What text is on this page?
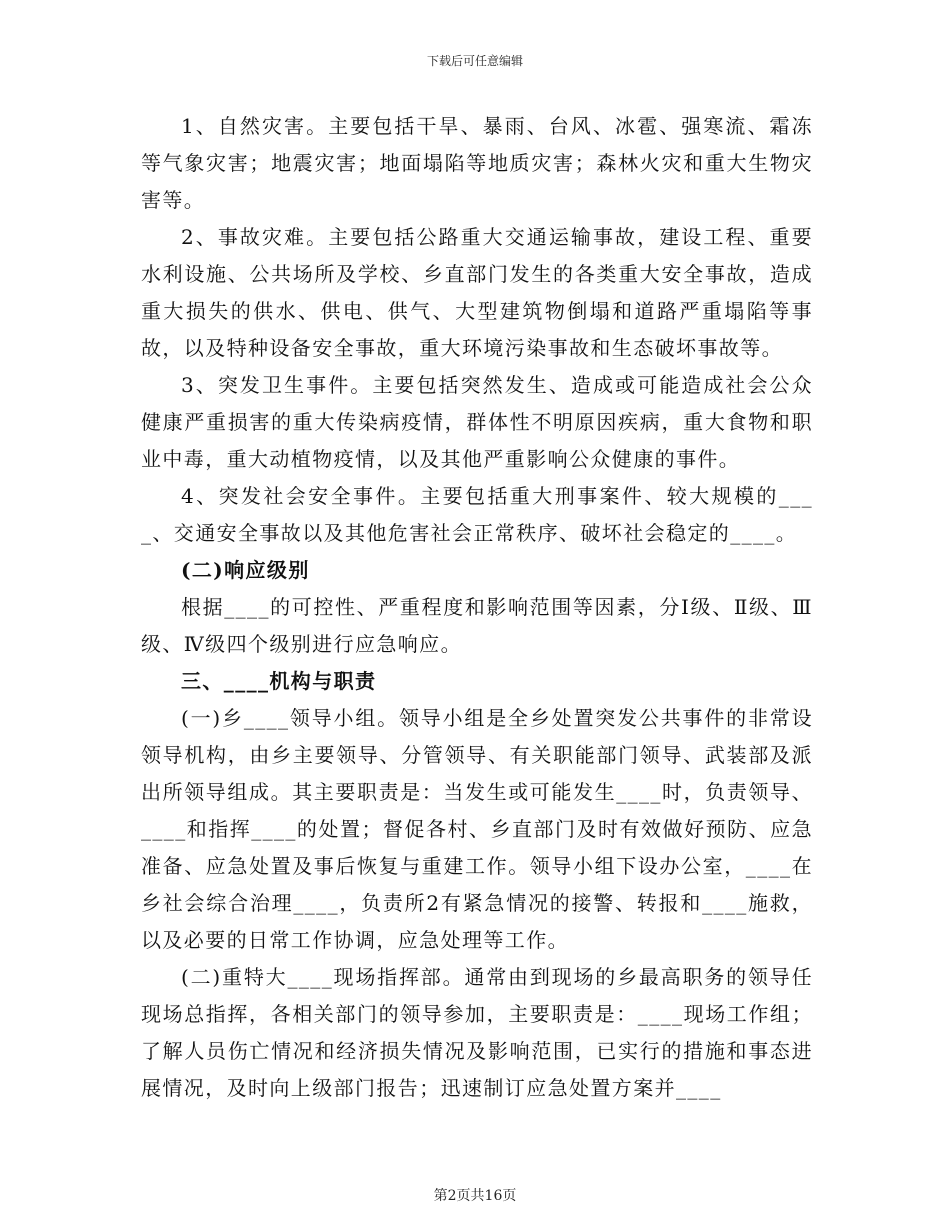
下载后可任意编辑

1、自然灾害。主要包括干旱、暴雨、台风、冰雹、强寒流、霜冻等气象灾害；地震灾害；地面塌陷等地质灾害；森林火灾和重大生物灾害等。

2、事故灾难。主要包括公路重大交通运输事故，建设工程、重要水利设施、公共场所及学校、乡直部门发生的各类重大安全事故，造成重大损失的供水、供电、供气、大型建筑物倒塌和道路严重塌陷等事故，以及特种设备安全事故，重大环境污染事故和生态破坏事故等。

3、突发卫生事件。主要包括突然发生、造成或可能造成社会公众健康严重损害的重大传染病疫情，群体性不明原因疾病，重大食物和职业中毒，重大动植物疫情，以及其他严重影响公众健康的事件。

4、突发社会安全事件。主要包括重大刑事案件、较大规模的____、交通安全事故以及其他危害社会正常秩序、破坏社会稳定的____。

(二)响应级别

根据____的可控性、严重程度和影响范围等因素，分Ⅰ级、Ⅱ级、Ⅲ级、Ⅳ级四个级别进行应急响应。

三、____机构与职责

(一)乡____领导小组。领导小组是全乡处置突发公共事件的非常设领导机构，由乡主要领导、分管领导、有关职能部门领导、武装部及派出所领导组成。其主要职责是：当发生或可能发生____时，负责领导、____和指挥____的处置；督促各村、乡直部门及时有效做好预防、应急准备、应急处置及事后恢复与重建工作。领导小组下设办公室，____在乡社会综合治理____，负责所2有紧急情况的接警、转报和____施救，以及必要的日常工作协调，应急处理等工作。

(二)重特大____现场指挥部。通常由到现场的乡最高职务的领导任现场总指挥，各相关部门的领导参加，主要职责是：____现场工作组；了解人员伤亡情况和经济损失情况及影响范围，已实行的措施和事态进展情况，及时向上级部门报告；迅速制订应急处置方案并____

第2页共16页
